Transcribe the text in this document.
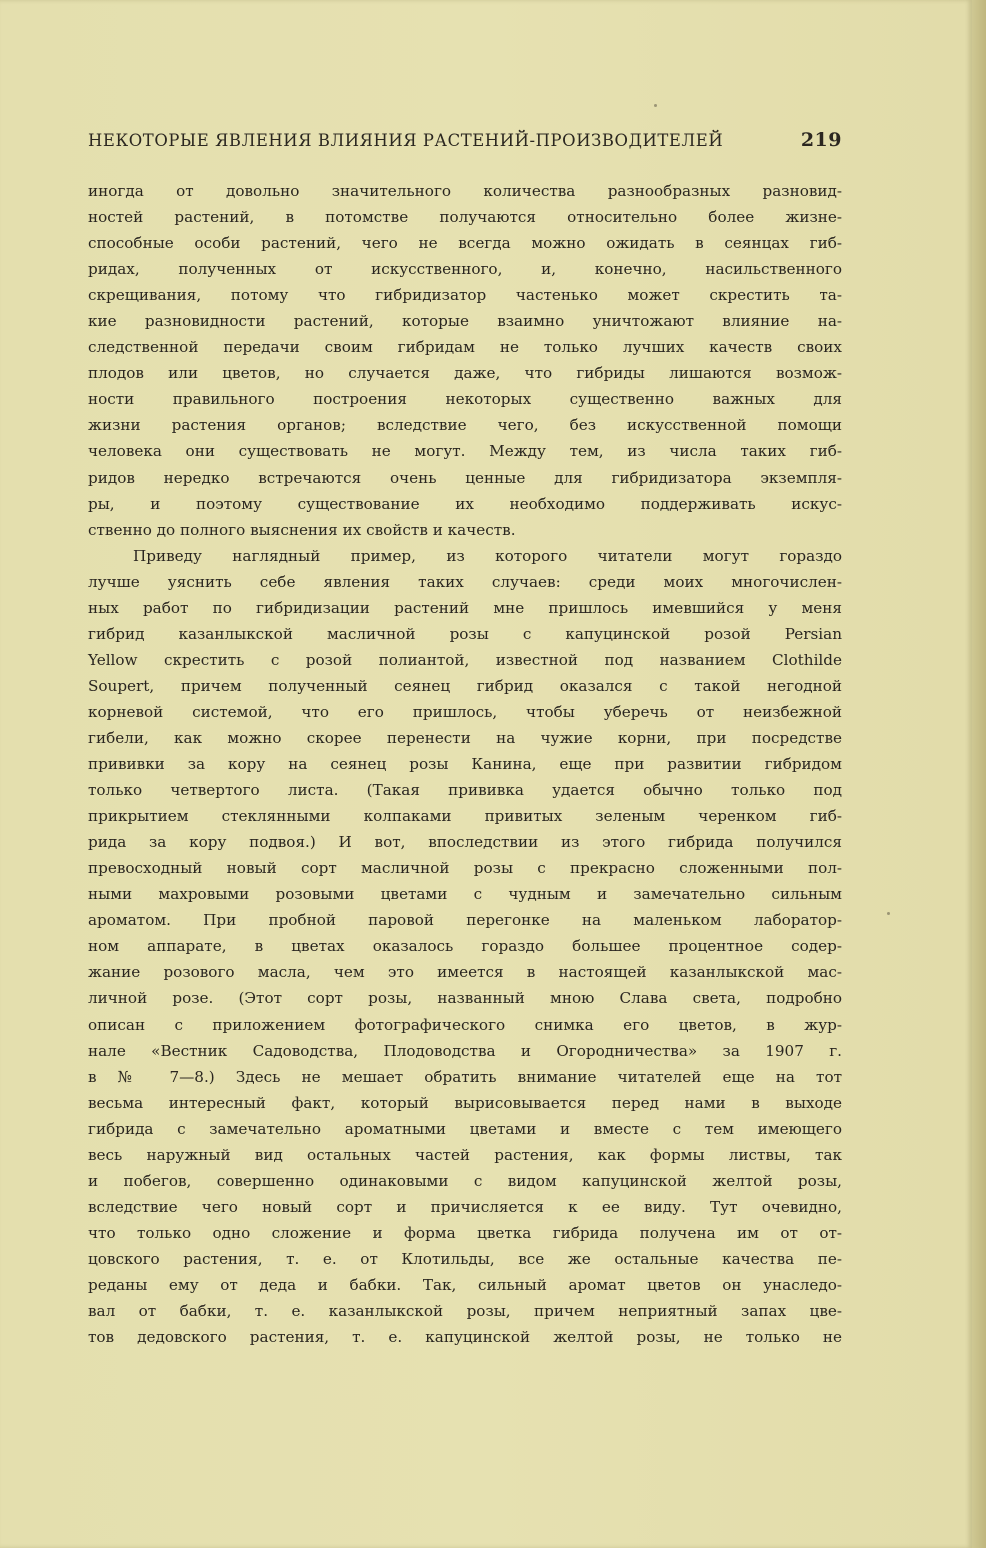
НЕКОТОРЫЕ ЯВЛЕНИЯ ВЛИЯНИЯ РАСТЕНИЙ-ПРОИЗВОДИТЕЛЕЙ	219
иногда от довольно значительного количества разнообразных разновид-
ностей растений, в потомстве получаются относительно более жизне-
способные особи растений, чего не всегда можно ожидать в сеянцах гиб-
ридах, полученных от искусственного, и, конечно, насильственного
скрещивания, потому что гибридизатор частенько может скрестить та-
кие разновидности растений, которые взаимно уничтожают влияние на-
следственной передачи своим гибридам не только лучших качеств своих
плодов или цветов, но случается даже, что гибриды лишаются возмож-
ности правильного построения некоторых существенно важных для
жизни растения органов; вследствие чего, без искусственной помощи
человека они существовать не могут. Между тем, из числа таких гиб-
ридов нередко встречаются очень ценные для гибридизатора экземпля-
ры, и поэтому существование их необходимо поддерживать искус-
ственно до полного выяснения их свойств и качеств.
Приведу наглядный пример, из которого читатели могут гораздо
лучше уяснить себе явления таких случаев: среди моих многочислен-
ных работ по гибридизации растений мне пришлось имевшийся у меня
гибрид казанлыкской масличной розы с капуцинской розой Persian
Yellow скрестить с розой полиантой, известной под названием Clothilde
Soupert, причем полученный сеянец гибрид оказался с такой негодной
корневой системой, что его пришлось, чтобы уберечь от неизбежной
гибели, как можно скорее перенести на чужие корни, при посредстве
прививки за кору на сеянец розы Канина, еще при развитии гибридом
только четвертого листа. (Такая прививка удается обычно только под
прикрытием стеклянными колпаками привитых зеленым черенком гиб-
рида за кору подвоя.) И вот, впоследствии из этого гибрида получился
превосходный новый сорт масличной розы с прекрасно сложенными пол-
ными махровыми розовыми цветами с чудным и замечательно сильным
ароматом. При пробной паровой перегонке на маленьком лаборатор-
ном аппарате, в цветах оказалось гораздо большее процентное содер-
жание розового масла, чем это имеется в настоящей казанлыкской мас-
личной розе. (Этот сорт розы, названный мною Слава света, подробно
описан с приложением фотографического снимка его цветов, в жур-
нале «Вестник Садоводства, Плодоводства и Огородничества» за 1907 г.
в № 7—8.) Здесь не мешает обратить внимание читателей еще на тот
весьма интересный факт, который вырисовывается перед нами в выходе
гибрида с замечательно ароматными цветами и вместе с тем имеющего
весь наружный вид остальных частей растения, как формы листвы, так
и побегов, совершенно одинаковыми с видом капуцинской желтой розы,
вследствие чего новый сорт и причисляется к ее виду. Тут очевидно,
что только одно сложение и форма цветка гибрида получена им от от-
цовского растения, т. е. от Клотильды, все же остальные качества пе-
реданы ему от деда и бабки. Так, сильный аромат цветов он унаследо-
вал от бабки, т. е. казанлыкской розы, причем неприятный запах цве-
тов дедовского растения, т. е. капуцинской желтой розы, не только не
